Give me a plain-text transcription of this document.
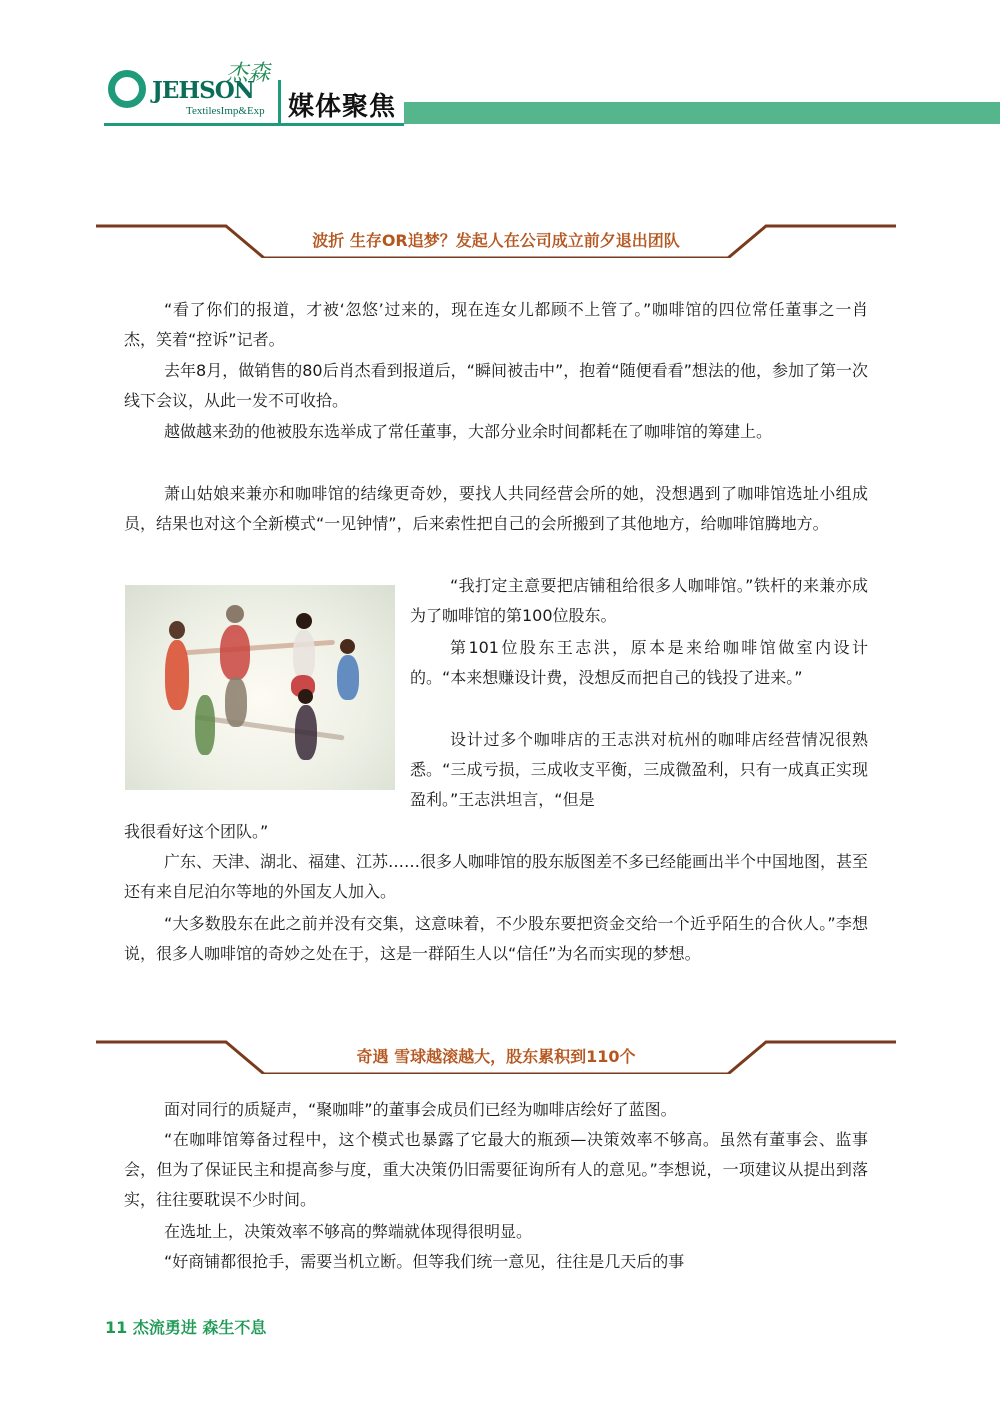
杰森
JEHSON
TextilesImp&Exp 媒体聚焦
波折 生存OR追梦？发起人在公司成立前夕退出团队

“看了你们的报道，才被‘忽悠’过来的，现在连女儿都顾不上管了。”咖啡馆的四位常任董事之一肖杰，笑着“控诉”记者。

去年8月，做销售的80后肖杰看到报道后，“瞬间被击中”，抱着“随便看看”想法的他，参加了第一次线下会议，从此一发不可收拾。

越做越来劲的他被股东选举成了常任董事，大部分业余时间都耗在了咖啡馆的筹建上。

萧山姑娘来兼亦和咖啡馆的结缘更奇妙，要找人共同经营会所的她，没想遇到了咖啡馆选址小组成员，结果也对这个全新模式“一见钟情”，后来索性把自己的会所搬到了其他地方，给咖啡馆腾地方。

“我打定主意要把店铺租给很多人咖啡馆。”铁杆的来兼亦成为了咖啡馆的第100位股东。

第101位股东王志洪，原本是来给咖啡馆做室内设计的。“本来想赚设计费，没想反而把自己的钱投了进来。”

设计过多个咖啡店的王志洪对杭州的咖啡店经营情况很熟悉。“三成亏损，三成收支平衡，三成微盈利，只有一成真正实现盈利。”王志洪坦言，“但是

我很看好这个团队。”

广东、天津、湖北、福建、江苏……很多人咖啡馆的股东版图差不多已经能画出半个中国地图，甚至还有来自尼泊尔等地的外国友人加入。

“大多数股东在此之前并没有交集，这意味着，不少股东要把资金交给一个近乎陌生的合伙人。”李想说，很多人咖啡馆的奇妙之处在于，这是一群陌生人以“信任”为名而实现的梦想。

奇遇 雪球越滚越大，股东累积到110个

面对同行的质疑声，“聚咖啡”的董事会成员们已经为咖啡店绘好了蓝图。

“在咖啡馆筹备过程中，这个模式也暴露了它最大的瓶颈—决策效率不够高。虽然有董事会、监事会，但为了保证民主和提高参与度，重大决策仍旧需要征询所有人的意见。”李想说，一项建议从提出到落实，往往要耽误不少时间。

在选址上，决策效率不够高的弊端就体现得很明显。

“好商铺都很抢手，需要当机立断。但等我们统一意见，往往是几天后的事

11 杰流勇进 森生不息
